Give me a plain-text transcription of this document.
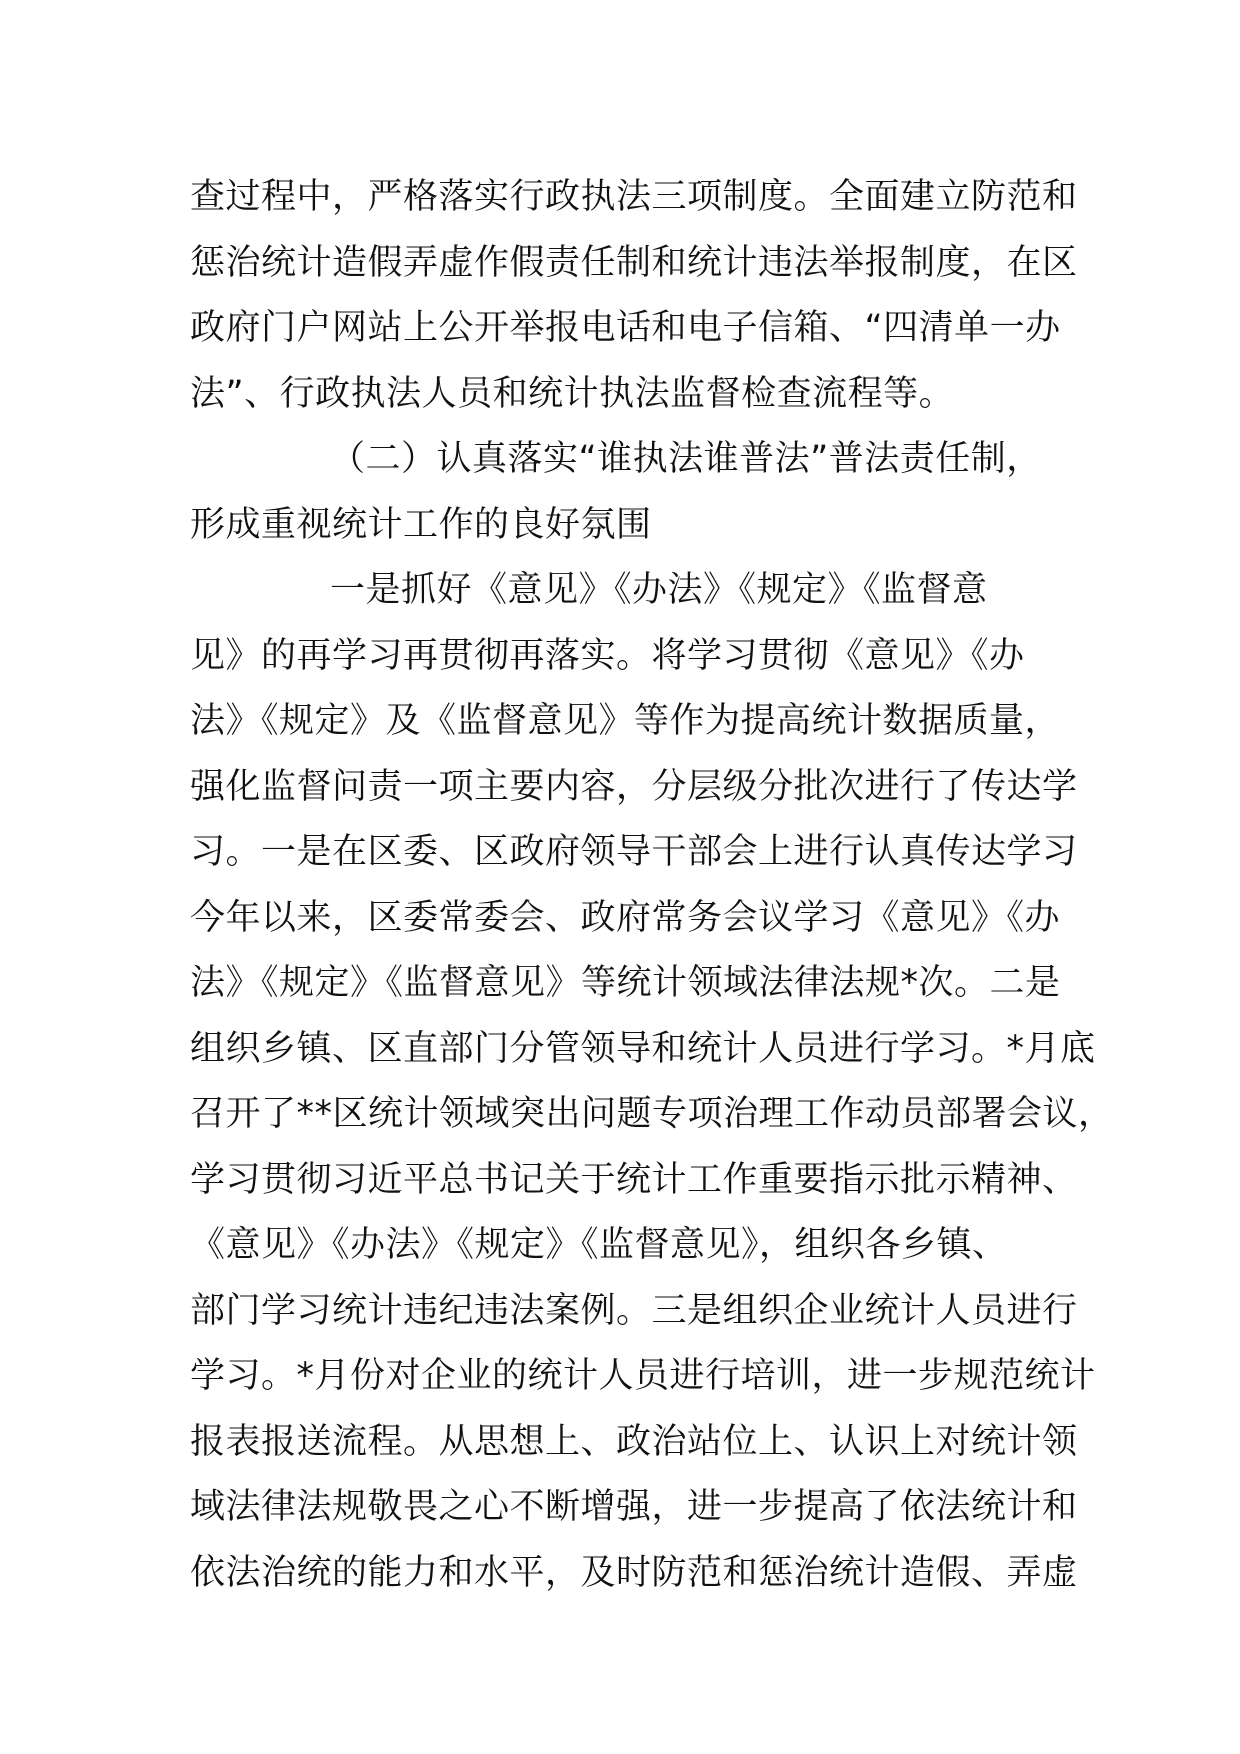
查过程中，严格落实行政执法三项制度。全面建立防范和
惩治统计造假弄虚作假责任制和统计违法举报制度，在区
政府门户网站上公开举报电话和电子信箱、“四清单一办
法”、行政执法人员和统计执法监督检查流程等。
（二）认真落实“谁执法谁普法”普法责任制，
形成重视统计工作的良好氛围
一是抓好《意见》《办法》《规定》《监督意
见》的再学习再贯彻再落实。将学习贯彻《意见》《办
法》《规定》及《监督意见》等作为提高统计数据质量，
强化监督问责一项主要内容，分层级分批次进行了传达学
习。一是在区委、区政府领导干部会上进行认真传达学习
今年以来，区委常委会、政府常务会议学习《意见》《办
法》《规定》《监督意见》等统计领域法律法规*次。二是
组织乡镇、区直部门分管领导和统计人员进行学习。*月底
召开了**区统计领域突出问题专项治理工作动员部署会议，
学习贯彻习近平总书记关于统计工作重要指示批示精神、
《意见》《办法》《规定》《监督意见》，组织各乡镇、
部门学习统计违纪违法案例。三是组织企业统计人员进行
学习。*月份对企业的统计人员进行培训，进一步规范统计
报表报送流程。从思想上、政治站位上、认识上对统计领
域法律法规敬畏之心不断增强，进一步提高了依法统计和
依法治统的能力和水平，及时防范和惩治统计造假、弄虚
